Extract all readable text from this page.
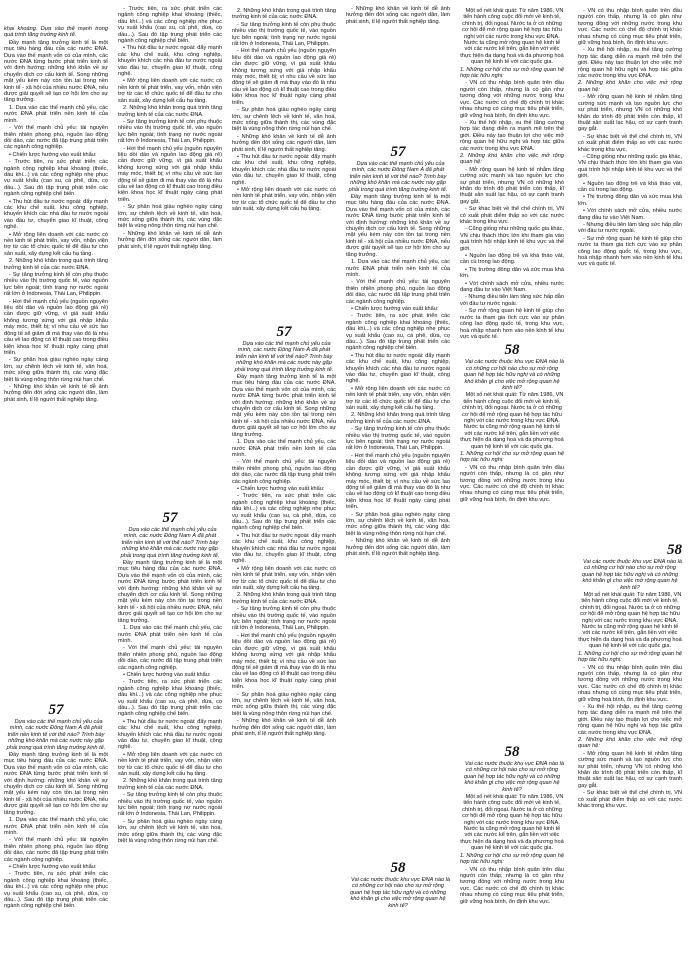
khai khoáng. Dựa vào thế mạnh trong quá trình tăng trưởng kinh tế.

Đầy mạnh tăng trưởng kinh tế là một mục tiêu hàng đầu của các nước ĐNA. Dựa vào thế mạnh vốn có của mình, các nước ĐNA từng bước phát triển kinh tế với định hướng: những khó khăn về sự chuyển dịch cơ cấu kinh tế. Song những mặt yếu kém này còn tồn tại trong nền kinh tế - xã hội của nhiều nước ĐNA, nếu được giải quyết sẽ tạo cơ hội lớn cho sự tăng trưởng.

1. Dựa vào các thế mạnh chủ yếu, các nước ĐNA phát triển nền kinh tế của mình.

- Với thế mạnh chủ yếu: tài nguyên thiên nhiên phong phú, nguồn lao động dồi dào, các nước đã tập trung phát triển các ngành công nghiệp.

• Chiến lược hướng vào xuất khẩu:

- Trước tiên, ra sức phát triển các ngành công nghiệp khai khoáng (thiếc, dầu khí...) và các công nghiệp nhẹ phục vụ xuất khẩu (cao su, cà phê, dừa, cọ dầu...). Sau đó tập trung phát triển các ngành công nghiệp chế biến.

• Thu hút đầu tư nước ngoài: đẩy mạnh các khu chế xuất, khu công nghiệp, khuyến khích các nhà đầu tư nước ngoài vào đầu tư, chuyển giao kĩ thuật, công nghệ.

• Mở rộng liên doanh với các nước có nền kinh tế phát triển, vay vốn, nhận viện trợ từ các tổ chức quốc tế để đầu tư cho sản xuất, xây dựng kết cấu hạ tầng.

2. Những khó khăn trong quá trình tăng trưởng kinh tế của các nước ĐNA.

- Sự tăng trưởng kinh tế còn phụ thuộc nhiều vào thị trường quốc tế, vào nguồn lực bên ngoài; tình trạng nợ nước ngoài rất lớn ở Indonesia, Thái Lan, Philippin.

- Hơi thế mạnh chủ yếu (nguồn nguyên liệu dồi dào và nguồn lao động giá rẻ) cần được giữ vững, vì giá xuất khẩu không tương xứng với giá nhập khẩu máy móc, thiết bị; vì nhu cầu về sức lao động tế sẽ giảm đi mà thay vào đó là nhu cầu về lao động có kĩ thuật cao trong điều kiện khoa học kĩ thuật ngày càng phát triển.

- Sự phân hoá giàu nghèo ngày càng lớn, sự chênh lệch về kinh tế, văn hoá, mức sống giữa thành thị, các vùng đặc biệt là vùng nông thôn rừng núi hạn chế.

- Những khó khăn về kinh tế dễ ảnh hưởng đến đời sống các người dân, làm phát sinh, tỉ lệ người thất nghiệp tăng.

57

Dựa vào các thế mạnh chủ yếu của mình, các nước Đông Nam Á đã phát triển nền kinh tế với thế nào? Trình bày những khó khăn mà các nước này gặp phải trong quá trình tăng trưởng kinh tế.

Đầy mạnh tăng trưởng kinh tế là một mục tiêu hàng đầu của các nước ĐNA. Dựa vào thế mạnh vốn có của mình, các nước ĐNA từng bước phát triển kinh tế với định hướng: những khó khăn về sự chuyển dịch cơ cấu kinh tế. Song những mặt yếu kém này còn tồn tại trong nền kinh tế - xã hội của nhiều nước ĐNA, nếu được giải quyết sẽ tạo cơ hội lớn cho sự tăng trưởng.

1. Dựa vào các thế mạnh chủ yếu, các nước ĐNA phát triển nền kinh tế của mình.

- Với thế mạnh chủ yếu: tài nguyên thiên nhiên phong phú, nguồn lao động dồi dào, các nước đã tập trung phát triển các ngành công nghiệp.

• Chiến lược hướng vào xuất khẩu:

- Trước tiên, ra sức phát triển các ngành công nghiệp khai khoáng (thiếc, dầu khí...) và các công nghiệp nhẹ phục vụ xuất khẩu (cao su, cà phê, dừa, cọ dầu...). Sau đó tập trung phát triển các ngành công nghiệp chế biến.

- Trước tiên, ra sức phát triển các ngành công nghiệp khai khoáng (thiếc, dầu khí...) và các công nghiệp nhẹ phục vụ xuất khẩu (cao su, cà phê, dừa, cọ dầu...). Sau đó tập trung phát triển các ngành công nghiệp chế biến.

• Thu hút đầu tư nước ngoài: đẩy mạnh các khu chế xuất, khu công nghiệp, khuyến khích các nhà đầu tư nước ngoài vào đầu tư, chuyển giao kĩ thuật, công nghệ.

• Mở rộng liên doanh với các nước có nền kinh tế phát triển, vay vốn, nhận viện trợ từ các tổ chức quốc tế để đầu tư cho sản xuất, xây dựng kết cấu hạ tầng.

2. Những khó khăn trong quá trình tăng trưởng kinh tế của các nước ĐNA.

- Sự tăng trưởng kinh tế còn phụ thuộc nhiều vào thị trường quốc tế, vào nguồn lực bên ngoài; tình trạng nợ nước ngoài rất lớn ở Indonesia, Thái Lan, Philippin.

- Hơi thế mạnh chủ yếu (nguồn nguyên liệu dồi dào và nguồn lao động giá rẻ) cần được giữ vững, vì giá xuất khẩu không tương xứng với giá nhập khẩu máy móc, thiết bị; vì nhu cầu về sức lao động tế sẽ giảm đi mà thay vào đó là nhu cầu về lao động có kĩ thuật cao trong điều kiện khoa học kĩ thuật ngày càng phát triển.

- Sự phân hoá giàu nghèo ngày càng lớn, sự chênh lệch về kinh tế, văn hoá, mức sống giữa thành thị, các vùng đặc biệt là vùng nông thôn rừng núi hạn chế.

- Những khó khăn về kinh tế dễ ảnh hưởng đến đời sống các người dân, làm phát sinh, tỉ lệ người thất nghiệp tăng.

57

Dựa vào các thế mạnh chủ yếu của mình, các nước Đông Nam Á đã phát triển nền kinh tế với thế nào? Trình bày những khó khăn mà các nước này gặp phải trong quá trình tăng trưởng kinh tế.

Đầy mạnh tăng trưởng kinh tế là một mục tiêu hàng đầu của các nước ĐNA. Dựa vào thế mạnh vốn có của mình, các nước ĐNA từng bước phát triển kinh tế với định hướng: những khó khăn về sự chuyển dịch cơ cấu kinh tế. Song những mặt yếu kém này còn tồn tại trong nền kinh tế - xã hội của nhiều nước ĐNA, nếu được giải quyết sẽ tạo cơ hội lớn cho sự tăng trưởng.

1. Dựa vào các thế mạnh chủ yếu, các nước ĐNA phát triển nền kinh tế của mình.

- Với thế mạnh chủ yếu: tài nguyên thiên nhiên phong phú, nguồn lao động dồi dào, các nước đã tập trung phát triển các ngành công nghiệp.

• Chiến lược hướng vào xuất khẩu:

- Trước tiên, ra sức phát triển các ngành công nghiệp khai khoáng (thiếc, dầu khí...) và các công nghiệp nhẹ phục vụ xuất khẩu (cao su, cà phê, dừa, cọ dầu...). Sau đó tập trung phát triển các ngành công nghiệp chế biến.

• Thu hút đầu tư nước ngoài: đẩy mạnh các khu chế xuất, khu công nghiệp, khuyến khích các nhà đầu tư nước ngoài vào đầu tư, chuyển giao kĩ thuật, công nghệ.

• Mở rộng liên doanh với các nước có nền kinh tế phát triển, vay vốn, nhận viện trợ từ các tổ chức quốc tế để đầu tư cho sản xuất, xây dựng kết cấu hạ tầng.

2. Những khó khăn trong quá trình tăng trưởng kinh tế của các nước ĐNA.

- Sự tăng trưởng kinh tế còn phụ thuộc nhiều vào thị trường quốc tế, vào nguồn lực bên ngoài; tình trạng nợ nước ngoài rất lớn ở Indonesia, Thái Lan, Philippin.

- Sự phân hoá giàu nghèo ngày càng lớn, sự chênh lệch về kinh tế, văn hoá, mức sống giữa thành thị, các vùng đặc biệt là vùng nông thôn rừng núi hạn chế.

2. Những khó khăn trong quá trình tăng trưởng kinh tế của các nước ĐNA.

- Sự tăng trưởng kinh tế còn phụ thuộc nhiều vào thị trường quốc tế, vào nguồn lực bên ngoài; tình trạng nợ nước ngoài rất lớn ở Indonesia, Thái Lan, Philippin.

- Hơi thế mạnh chủ yếu (nguồn nguyên liệu dồi dào và nguồn lao động giá rẻ) cần được giữ vững, vì giá xuất khẩu không tương xứng với giá nhập khẩu máy móc, thiết bị; vì nhu cầu về sức lao động tế sẽ giảm đi mà thay vào đó là nhu cầu về lao động có kĩ thuật cao trong điều kiện khoa học kĩ thuật ngày càng phát triển.

- Sự phân hoá giàu nghèo ngày càng lớn, sự chênh lệch về kinh tế, văn hoá, mức sống giữa thành thị, các vùng đặc biệt là vùng nông thôn rừng núi hạn chế.

- Những khó khăn về kinh tế dễ ảnh hưởng đến đời sống các người dân, làm phát sinh, tỉ lệ người thất nghiệp tăng.

• Thu hút đầu tư nước ngoài: đẩy mạnh các khu chế xuất, khu công nghiệp, khuyến khích các nhà đầu tư nước ngoài vào đầu tư, chuyển giao kĩ thuật, công nghệ.

• Mở rộng liên doanh với các nước có nền kinh tế phát triển, vay vốn, nhận viện trợ từ các tổ chức quốc tế để đầu tư cho sản xuất, xây dựng kết cấu hạ tầng.

57

Dựa vào các thế mạnh chủ yếu của mình, các nước Đông Nam Á đã phát triển nền kinh tế với thế nào? Trình bày những khó khăn mà các nước này gặp phải trong quá trình tăng trưởng kinh tế.

Đầy mạnh tăng trưởng kinh tế là một mục tiêu hàng đầu của các nước ĐNA. Dựa vào thế mạnh vốn có của mình, các nước ĐNA từng bước phát triển kinh tế với định hướng: những khó khăn về sự chuyển dịch cơ cấu kinh tế. Song những mặt yếu kém này còn tồn tại trong nền kinh tế - xã hội của nhiều nước ĐNA, nếu được giải quyết sẽ tạo cơ hội lớn cho sự tăng trưởng.

1. Dựa vào các thế mạnh chủ yếu, các nước ĐNA phát triển nền kinh tế của mình.

- Với thế mạnh chủ yếu: tài nguyên thiên nhiên phong phú, nguồn lao động dồi dào, các nước đã tập trung phát triển các ngành công nghiệp.

• Chiến lược hướng vào xuất khẩu:

- Trước tiên, ra sức phát triển các ngành công nghiệp khai khoáng (thiếc, dầu khí...) và các công nghiệp nhẹ phục vụ xuất khẩu (cao su, cà phê, dừa, cọ dầu...). Sau đó tập trung phát triển các ngành công nghiệp chế biến.

• Thu hút đầu tư nước ngoài: đẩy mạnh các khu chế xuất, khu công nghiệp, khuyến khích các nhà đầu tư nước ngoài vào đầu tư, chuyển giao kĩ thuật, công nghệ.

• Mở rộng liên doanh với các nước có nền kinh tế phát triển, vay vốn, nhận viện trợ từ các tổ chức quốc tế để đầu tư cho sản xuất, xây dựng kết cấu hạ tầng.

2. Những khó khăn trong quá trình tăng trưởng kinh tế của các nước ĐNA.

- Sự tăng trưởng kinh tế còn phụ thuộc nhiều vào thị trường quốc tế, vào nguồn lực bên ngoài; tình trạng nợ nước ngoài rất lớn ở Indonesia, Thái Lan, Philippin.

- Hơi thế mạnh chủ yếu (nguồn nguyên liệu dồi dào và nguồn lao động giá rẻ) cần được giữ vững, vì giá xuất khẩu không tương xứng với giá nhập khẩu máy móc, thiết bị; vì nhu cầu về sức lao động tế sẽ giảm đi mà thay vào đó là nhu cầu về lao động có kĩ thuật cao trong điều kiện khoa học kĩ thuật ngày càng phát triển.

- Sự phân hoá giàu nghèo ngày càng lớn, sự chênh lệch về kinh tế, văn hoá, mức sống giữa thành thị, các vùng đặc biệt là vùng nông thôn rừng núi hạn chế.

- Những khó khăn về kinh tế dễ ảnh hưởng đến đời sống các người dân, làm phát sinh, tỉ lệ người thất nghiệp tăng.

- Những khó khăn về kinh tế dễ ảnh hưởng đến đời sống các người dân, làm phát sinh, tỉ lệ người thất nghiệp tăng.

57

Dựa vào các thế mạnh chủ yếu của mình, các nước Đông Nam Á đã phát triển nền kinh tế với thế nào? Trình bày những khó khăn mà các nước này gặp phải trong quá trình tăng trưởng kinh tế.

Đầy mạnh tăng trưởng kinh tế là một mục tiêu hàng đầu của các nước ĐNA. Dựa vào thế mạnh vốn có của mình, các nước ĐNA từng bước phát triển kinh tế với định hướng: những khó khăn về sự chuyển dịch cơ cấu kinh tế. Song những mặt yếu kém này còn tồn tại trong nền kinh tế - xã hội của nhiều nước ĐNA, nếu được giải quyết sẽ tạo cơ hội lớn cho sự tăng trưởng.

1. Dựa vào các thế mạnh chủ yếu, các nước ĐNA phát triển nền kinh tế của mình.

- Với thế mạnh chủ yếu: tài nguyên thiên nhiên phong phú, nguồn lao động dồi dào, các nước đã tập trung phát triển các ngành công nghiệp.

• Chiến lược hướng vào xuất khẩu:

- Trước tiên, ra sức phát triển các ngành công nghiệp khai khoáng (thiếc, dầu khí...) và các công nghiệp nhẹ phục vụ xuất khẩu (cao su, cà phê, dừa, cọ dầu...). Sau đó tập trung phát triển các ngành công nghiệp chế biến.

• Thu hút đầu tư nước ngoài: đẩy mạnh các khu chế xuất, khu công nghiệp, khuyến khích các nhà đầu tư nước ngoài vào đầu tư, chuyển giao kĩ thuật, công nghệ.

• Mở rộng liên doanh với các nước có nền kinh tế phát triển, vay vốn, nhận viện trợ từ các tổ chức quốc tế để đầu tư cho sản xuất, xây dựng kết cấu hạ tầng.

2. Những khó khăn trong quá trình tăng trưởng kinh tế của các nước ĐNA.

- Sự tăng trưởng kinh tế còn phụ thuộc nhiều vào thị trường quốc tế, vào nguồn lực bên ngoài; tình trạng nợ nước ngoài rất lớn ở Indonesia, Thái Lan, Philippin.

- Hơi thế mạnh chủ yếu (nguồn nguyên liệu dồi dào và nguồn lao động giá rẻ) cần được giữ vững, vì giá xuất khẩu không tương xứng với giá nhập khẩu máy móc, thiết bị; vì nhu cầu về sức lao động tế sẽ giảm đi mà thay vào đó là nhu cầu về lao động có kĩ thuật cao trong điều kiện khoa học kĩ thuật ngày càng phát triển.

- Sự phân hoá giàu nghèo ngày càng lớn, sự chênh lệch về kinh tế, văn hoá, mức sống giữa thành thị, các vùng đặc biệt là vùng nông thôn rừng núi hạn chế.

- Những khó khăn về kinh tế dễ ảnh hưởng đến đời sống các người dân, làm phát sinh, tỉ lệ người thất nghiệp tăng.

58

Vai các nước thuộc khu vực ĐNA nào là có những cơ hội nào cho sự mở rộng quan hệ hợp tác hữu nghị và có những khó khăn gì cho việc mở rộng quan hệ kinh tế?

Một số nét khái quát: Từ năm 1986, VN tiến hành công cuộc đổi mới về kinh tế, chính trị, đối ngoại. Nước ta ở có những cơ hội để mở rộng quan hệ hợp tác hữu nghị với các nước trong khu vực ĐNA. Nước ta cũng mở rộng quan hệ kinh tế với các nước kể trên, gắn liền với việc thực hiện đa dạng hoá và đa phương hoá quan hệ kinh tế với các quốc gia.

1. Những cơ hội cho sự mở rộng quan hệ hợp tác hữu nghị:

- VN có thu nhập bình quân trên đầu người còn thấp, nhưng là có gần như tương đồng với những nước trong khu vực. Các nước có chế độ chính trị khác nhau nhưng có cùng mục tiêu phát triển, giữ vững hoà bình, ổn định khu vực.

- Xu thế hội nhập, xu thế tăng cường hợp tác đang diễn ra mạnh mẽ trên thế giới. Điều này tạo thuận lợi cho việc mở rộng quan hệ hữu nghị và hợp tác giữa các nước trong khu vực ĐNA.

2. Những khó khăn cho việc mở rộng quan hệ:

- Mở rộng quan hệ kinh tế nhằm tăng cường sức mạnh và tạo nguồn lực cho sự phát triển, nhưng VN có những khó khăn do trình độ phát triển còn thấp, kĩ thuật sản xuất lạc hậu, có sự cạnh tranh gay gắt.

- Sự khác biệt về thể chế chính trị, VN có xuất phát điểm thấp so với các nước khác trong khu vực.

- Cũng giống như những quốc gia khác, VN chịu thách thức lớn khi tham gia vào quá trình hội nhập kinh tế khu vực và thế giới.

• Nguồn lao động trẻ và khá tháo vát, cần cù trong lao động.

• Thị trường đông dân và sức mua khá lớn.

• Với chính sách mở cửa, nhiều nước đang đầu tư vào Việt Nam.

- Nhưng điều tiên làm tăng sức hấp dẫn với đầu tư nước ngoài.

- Sự mở rộng quan hệ kinh tế giúp cho nước ta tham gia tích cực vào sự phân công lao động quốc tế, trong khu vực, hoà nhập nhanh hơn vào nền kinh tế khu vực và quốc tế.

58

Vai các nước thuộc khu vực ĐNA nào là có những cơ hội nào cho sự mở rộng quan hệ hợp tác hữu nghị và có những khó khăn gì cho việc mở rộng quan hệ kinh tế?

Một số nét khái quát: Từ năm 1986, VN tiến hành công cuộc đổi mới về kinh tế, chính trị, đối ngoại. Nước ta ở có những cơ hội để mở rộng quan hệ hợp tác hữu nghị với các nước trong khu vực ĐNA. Nước ta cũng mở rộng quan hệ kinh tế với các nước kể trên, gắn liền với việc thực hiện đa dạng hoá và đa phương hoá quan hệ kinh tế với các quốc gia.

1. Những cơ hội cho sự mở rộng quan hệ hợp tác hữu nghị:

- VN có thu nhập bình quân trên đầu người còn thấp, nhưng là có gần như tương đồng với những nước trong khu vực. Các nước có chế độ chính trị khác nhau nhưng có cùng mục tiêu phát triển, giữ vững hoà bình, ổn định khu vực.

58

Vai các nước thuộc khu vực ĐNA nào là có những cơ hội nào cho sự mở rộng quan hệ hợp tác hữu nghị và có những khó khăn gì cho việc mở rộng quan hệ kinh tế?

Một số nét khái quát: Từ năm 1986, VN tiến hành công cuộc đổi mới về kinh tế, chính trị, đối ngoại. Nước ta ở có những cơ hội để mở rộng quan hệ hợp tác hữu nghị với các nước trong khu vực ĐNA. Nước ta cũng mở rộng quan hệ kinh tế với các nước kể trên, gắn liền với việc thực hiện đa dạng hoá và đa phương hoá quan hệ kinh tế với các quốc gia.

1. Những cơ hội cho sự mở rộng quan hệ hợp tác hữu nghị:

- VN có thu nhập bình quân trên đầu người còn thấp, nhưng là có gần như tương đồng với những nước trong khu vực. Các nước có chế độ chính trị khác nhau nhưng có cùng mục tiêu phát triển, giữ vững hoà bình, ổn định khu vực.

- VN có thu nhập bình quân trên đầu người còn thấp, nhưng là có gần như tương đồng với những nước trong khu vực. Các nước có chế độ chính trị khác nhau nhưng có cùng mục tiêu phát triển, giữ vững hoà bình, ổn định khu vực.

- Xu thế hội nhập, xu thế tăng cường hợp tác đang diễn ra mạnh mẽ trên thế giới. Điều này tạo thuận lợi cho việc mở rộng quan hệ hữu nghị và hợp tác giữa các nước trong khu vực ĐNA.

2. Những khó khăn cho việc mở rộng quan hệ:

- Mở rộng quan hệ kinh tế nhằm tăng cường sức mạnh và tạo nguồn lực cho sự phát triển, nhưng VN có những khó khăn do trình độ phát triển còn thấp, kĩ thuật sản xuất lạc hậu, có sự cạnh tranh gay gắt.

- Sự khác biệt về thể chế chính trị, VN có xuất phát điểm thấp so với các nước khác trong khu vực.

- Cũng giống như những quốc gia khác, VN chịu thách thức lớn khi tham gia vào quá trình hội nhập kinh tế khu vực và thế giới.

• Nguồn lao động trẻ và khá tháo vát, cần cù trong lao động.

• Thị trường đông dân và sức mua khá lớn.

• Với chính sách mở cửa, nhiều nước đang đầu tư vào Việt Nam.

- Nhưng điều tiên làm tăng sức hấp dẫn với đầu tư nước ngoài.

- Sự mở rộng quan hệ kinh tế giúp cho nước ta tham gia tích cực vào sự phân công lao động quốc tế, trong khu vực, hoà nhập nhanh hơn vào nền kinh tế khu vực và quốc tế.

58

Vai các nước thuộc khu vực ĐNA nào là có những cơ hội nào cho sự mở rộng quan hệ hợp tác hữu nghị và có những khó khăn gì cho việc mở rộng quan hệ kinh tế?

Một số nét khái quát: Từ năm 1986, VN tiến hành công cuộc đổi mới về kinh tế, chính trị, đối ngoại. Nước ta ở có những cơ hội để mở rộng quan hệ hợp tác hữu nghị với các nước trong khu vực ĐNA. Nước ta cũng mở rộng quan hệ kinh tế với các nước kể trên, gắn liền với việc thực hiện đa dạng hoá và đa phương hoá quan hệ kinh tế với các quốc gia.

1. Những cơ hội cho sự mở rộng quan hệ hợp tác hữu nghị:

- VN có thu nhập bình quân trên đầu người còn thấp, nhưng là có gần như tương đồng với những nước trong khu vực. Các nước có chế độ chính trị khác nhau nhưng có cùng mục tiêu phát triển, giữ vững hoà bình, ổn định khu vực.

- Xu thế hội nhập, xu thế tăng cường hợp tác đang diễn ra mạnh mẽ trên thế giới. Điều này tạo thuận lợi cho việc mở rộng quan hệ hữu nghị và hợp tác giữa các nước trong khu vực ĐNA.

2. Những khó khăn cho việc mở rộng quan hệ:

- Mở rộng quan hệ kinh tế nhằm tăng cường sức mạnh và tạo nguồn lực cho sự phát triển, nhưng VN có những khó khăn do trình độ phát triển còn thấp, kĩ thuật sản xuất lạc hậu, có sự cạnh tranh gay gắt.

- Sự khác biệt về thể chế chính trị, VN có xuất phát điểm thấp so với các nước khác trong khu vực.
